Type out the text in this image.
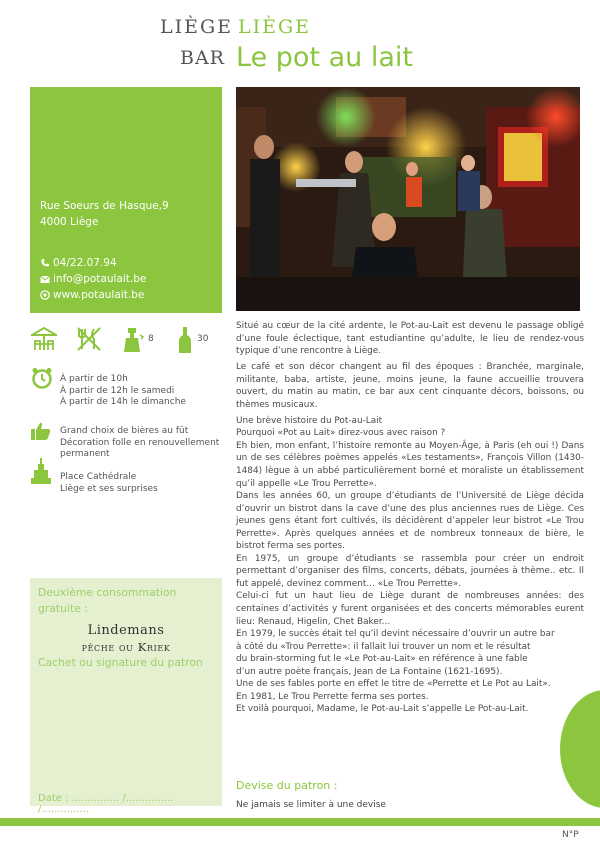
LIÈGE
BAR
LIÈGE
Le pot au lait
Rue Soeurs de Hasque,9
4000 Liège
04/22.07.94
info@potaulait.be
www.potaulait.be
8	30
À partir de 10h
À partir de 12h le samedi
À partir de 14h le dimanche
Grand choix de bières au fût
Décoration folle en renouvellement
permanent
Place Cathédrale
Liège et ses surprises
Deuxième consommation
gratuite :
Lindemans
pêche ou Kriek
Cachet ou signature du patron
Date : ............... /............... /...............

Situé au cœur de la cité ardente, le Pot-au-Lait est devenu le passage obligé d’une foule éclectique, tant estudiantine qu’adulte, le lieu de rendez-vous typique d’une rencontre à Liège.

Le café et son décor changent au fil des époques : Branchée, marginale, militante, baba, artiste, jeune, moins jeune, la faune accueillie trouvera ouvert, du matin au matin, ce bar aux cent cinquante décors, boissons, ou thèmes musicaux.

Une brève histoire du Pot-au-Lait

Pourquoi «Pot au Lait» direz-vous avec raison ?

Eh bien, mon enfant, l’histoire remonte au Moyen-Âge, à Paris (eh oui !) Dans un de ses célèbres poèmes appelés «Les testaments», François Villon (1430-1484) lègue à un abbé particulièrement borné et moraliste un établissement qu’il appelle «Le Trou Perrette».

Dans les années 60, un groupe d’étudiants de l’Université de Liège décida d’ouvrir un bistrot dans la cave d’une des plus anciennes rues de Liège. Ces jeunes gens étant fort cultivés, ils décidèrent d’appeler leur bistrot «Le Trou Perrette». Après quelques années et de nombreux tonneaux de bière, le bistrot ferma ses portes.

En 1975, un groupe d’étudiants se rassembla pour créer un endroit permettant d’organiser des films, concerts, débats, journées à thème.. etc. Il fut appelé, devinez comment... «Le Trou Perrette».

Celui-ci fut un haut lieu de Liège durant de nombreuses années: des centaines d’activités y furent organisées et des concerts mémorables eurent lieu: Renaud, Higelin, Chet Baker...

En 1979, le succès était tel qu’il devint nécessaire d’ouvrir un autre bar

à côté du «Trou Perrette»: il fallait lui trouver un nom et le résultat

du brain-storming fut le «Le Pot-au-Lait» en référence à une fable

d’un autre poète français, Jean de La Fontaine (1621-1695).

Une de ses fables porte en effet le titre de «Perrette et Le Pot au Lait».

En 1981, Le Trou Perrette ferma ses portes.

Et voilà pourquoi, Madame, le Pot-au-Lait s’appelle Le Pot-au-Lait.

Devise du patron :
Ne jamais se limiter à une devise
N°P
